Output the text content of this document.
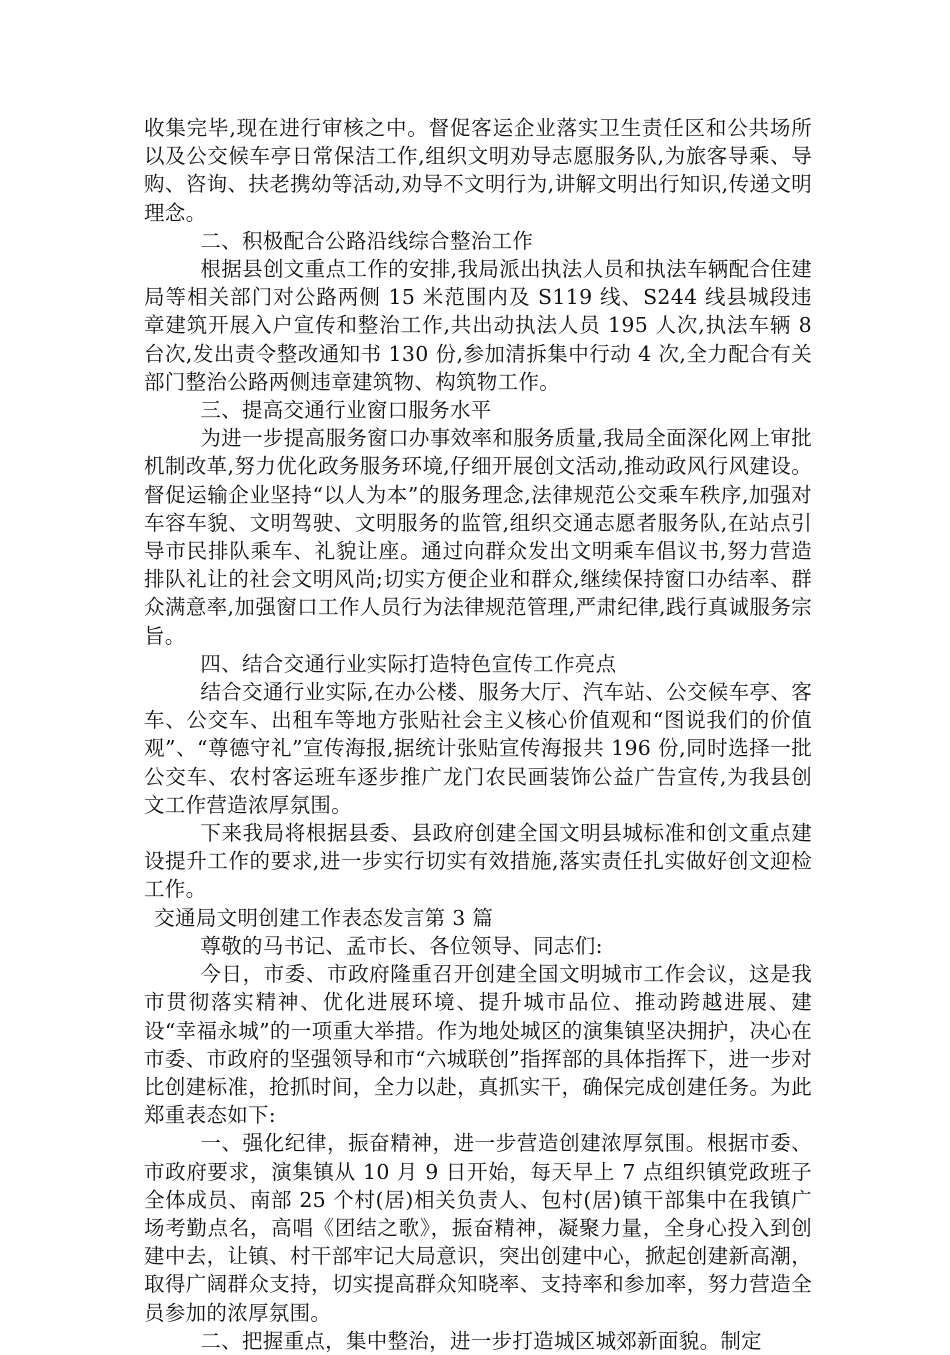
收集完毕,现在进行审核之中。督促客运企业落实卫生责任区和公共场所以及公交候车亭日常保洁工作,组织文明劝导志愿服务队,为旅客导乘、导购、咨询、扶老携幼等活动,劝导不文明行为,讲解文明出行知识,传递文明理念。

二、积极配合公路沿线综合整治工作

根据县创文重点工作的安排,我局派出执法人员和执法车辆配合住建局等相关部门对公路两侧 15 米范围内及 S119 线、S244 线县城段违章建筑开展入户宣传和整治工作,共出动执法人员 195 人次,执法车辆 8 台次,发出责令整改通知书 130 份,参加清拆集中行动 4 次,全力配合有关部门整治公路两侧违章建筑物、构筑物工作。

三、提高交通行业窗口服务水平

为进一步提高服务窗口办事效率和服务质量,我局全面深化网上审批机制改革,努力优化政务服务环境,仔细开展创文活动,推动政风行风建设。督促运输企业坚持“以人为本”的服务理念,法律规范公交乘车秩序,加强对车容车貌、文明驾驶、文明服务的监管,组织交通志愿者服务队,在站点引导市民排队乘车、礼貌让座。通过向群众发出文明乘车倡议书,努力营造排队礼让的社会文明风尚;切实方便企业和群众,继续保持窗口办结率、群众满意率,加强窗口工作人员行为法律规范管理,严肃纪律,践行真诚服务宗旨。

四、结合交通行业实际打造特色宣传工作亮点

结合交通行业实际,在办公楼、服务大厅、汽车站、公交候车亭、客车、公交车、出租车等地方张贴社会主义核心价值观和“图说我们的价值观”、“尊德守礼”宣传海报,据统计张贴宣传海报共 196 份,同时选择一批公交车、农村客运班车逐步推广龙门农民画装饰公益广告宣传,为我县创文工作营造浓厚氛围。

下来我局将根据县委、县政府创建全国文明县城标准和创文重点建设提升工作的要求,进一步实行切实有效措施,落实责任扎实做好创文迎检工作。

交通局文明创建工作表态发言第 3 篇

尊敬的马书记、孟市长、各位领导、同志们:

今日，市委、市政府隆重召开创建全国文明城市工作会议，这是我市贯彻落实精神、优化进展环境、提升城市品位、推动跨越进展、建设“幸福永城”的一项重大举措。作为地处城区的演集镇坚决拥护，决心在市委、市政府的坚强领导和市“六城联创”指挥部的具体指挥下，进一步对比创建标准，抢抓时间，全力以赴，真抓实干，确保完成创建任务。为此郑重表态如下:

一、强化纪律，振奋精神，进一步营造创建浓厚氛围。根据市委、市政府要求，演集镇从 10 月 9 日开始，每天早上 7 点组织镇党政班子全体成员、南部 25 个村(居)相关负责人、包村(居)镇干部集中在我镇广场考勤点名，高唱《团结之歌》，振奋精神，凝聚力量，全身心投入到创建中去，让镇、村干部牢记大局意识，突出创建中心，掀起创建新高潮，取得广阔群众支持，切实提高群众知晓率、支持率和参加率，努力营造全员参加的浓厚氛围。

二、把握重点，集中整治，进一步打造城区城郊新面貌。制定
